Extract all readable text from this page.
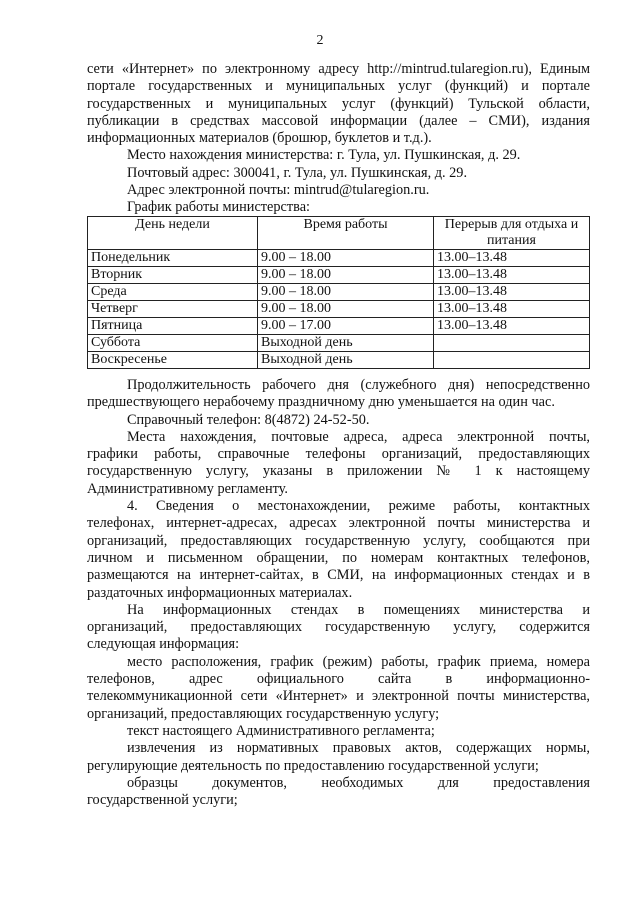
2

сети «Интернет» по электронному адресу http://mintrud.tularegion.ru), Единым

портале государственных и муниципальных услуг (функций) и портале

государственных и муниципальных услуг (функций) Тульской области,

публикации в средствах массовой информации (далее – СМИ), издания

информационных материалов (брошюр, буклетов и т.д.).

Место нахождения министерства: г. Тула, ул. Пушкинская, д. 29.

Почтовый адрес: 300041, г. Тула, ул. Пушкинская, д. 29.

Адрес электронной почты: mintrud@tularegion.ru.

График работы министерства:

День недели	Время работы	Перерыв для отдыха и питания
Понедельник	9.00 – 18.00	13.00–13.48
Вторник	9.00 – 18.00	13.00–13.48
Среда	9.00 – 18.00	13.00–13.48
Четверг	9.00 – 18.00	13.00–13.48
Пятница	9.00 – 17.00	13.00–13.48
Суббота	Выходной день	
Воскресенье	Выходной день	

Продолжительность рабочего дня (служебного дня) непосредственно

предшествующего нерабочему праздничному дню уменьшается на один час.

Справочный телефон: 8(4872) 24-52-50.

Места нахождения, почтовые адреса, адреса электронной почты,

графики работы, справочные телефоны организаций, предоставляющих

государственную услугу, указаны в приложении № 1 к настоящему

Административному регламенту.

4. Сведения о местонахождении, режиме работы, контактных

телефонах, интернет-адресах, адресах электронной почты министерства и

организаций, предоставляющих государственную услугу, сообщаются при

личном и письменном обращении, по номерам контактных телефонов,

размещаются на интернет-сайтах, в СМИ, на информационных стендах и в

раздаточных информационных материалах.

На информационных стендах в помещениях министерства и

организаций, предоставляющих государственную услугу, содержится

следующая информация:

место расположения, график (режим) работы, график приема, номера

телефонов, адрес официального сайта в информационно-

телекоммуникационной сети «Интернет» и электронной почты министерства,

организаций, предоставляющих государственную услугу;

текст настоящего Административного регламента;

извлечения из нормативных правовых актов, содержащих нормы,

регулирующие деятельность по предоставлению государственной услуги;

образцы документов, необходимых для предоставления

государственной услуги;
